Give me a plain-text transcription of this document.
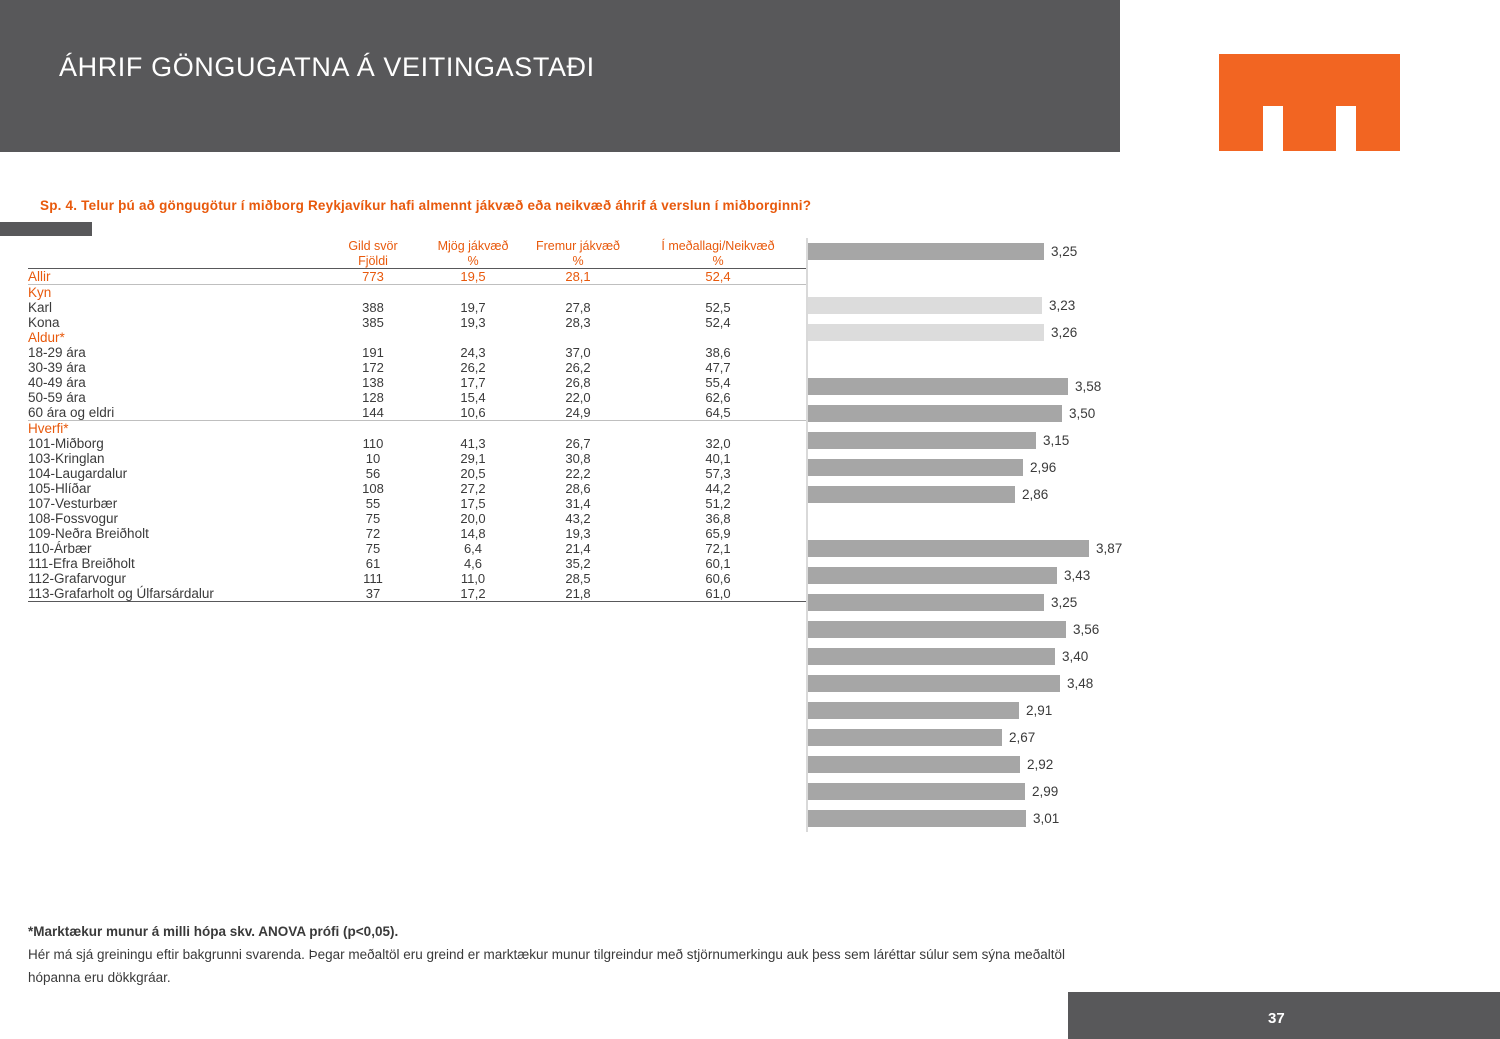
ÁHRIF GÖNGUGATNA Á VEITINGASTAÐI
Sp. 4. Telur þú að göngugötur í miðborg Reykjavíkur hafi almennt jákvæð eða neikvæð áhrif á verslun í miðborginni?
	Gild svör	Mjög jákvæð	Fremur jákvæð	Í meðallagi/Neikvæð
	Fjöldi	%	%	%
Allir	773	19,5	28,1	52,4
Kyn				
Karl	388	19,7	27,8	52,5
Kona	385	19,3	28,3	52,4
Aldur*				
18-29 ára	191	24,3	37,0	38,6
30-39 ára	172	26,2	26,2	47,7
40-49 ára	138	17,7	26,8	55,4
50-59 ára	128	15,4	22,0	62,6
60 ára og eldri	144	10,6	24,9	64,5
Hverfi*				
101-Miðborg	110	41,3	26,7	32,0
103-Kringlan	10	29,1	30,8	40,1
104-Laugardalur	56	20,5	22,2	57,3
105-Hlíðar	108	27,2	28,6	44,2
107-Vesturbær	55	17,5	31,4	51,2
108-Fossvogur	75	20,0	43,2	36,8
109-Neðra Breiðholt	72	14,8	19,3	65,9
110-Árbær	75	6,4	21,4	72,1
111-Efra Breiðholt	61	4,6	35,2	60,1
112-Grafarvogur	111	11,0	28,5	60,6
113-Grafarholt og Úlfarsárdalur	37	17,2	21,8	61,0
3,25
3,23
3,26
3,58
3,50
3,15
2,96
2,86
3,87
3,43
3,25
3,56
3,40
3,48
2,91
2,67
2,92
2,99
3,01
*Marktækur munur á milli hópa skv. ANOVA prófi (p<0,05).
Hér má sjá greiningu eftir bakgrunni svarenda. Þegar meðaltöl eru greind er marktækur munur tilgreindur með stjörnumerkingu auk þess sem láréttar súlur sem sýna meðaltöl
hópanna eru dökkgráar.
37
